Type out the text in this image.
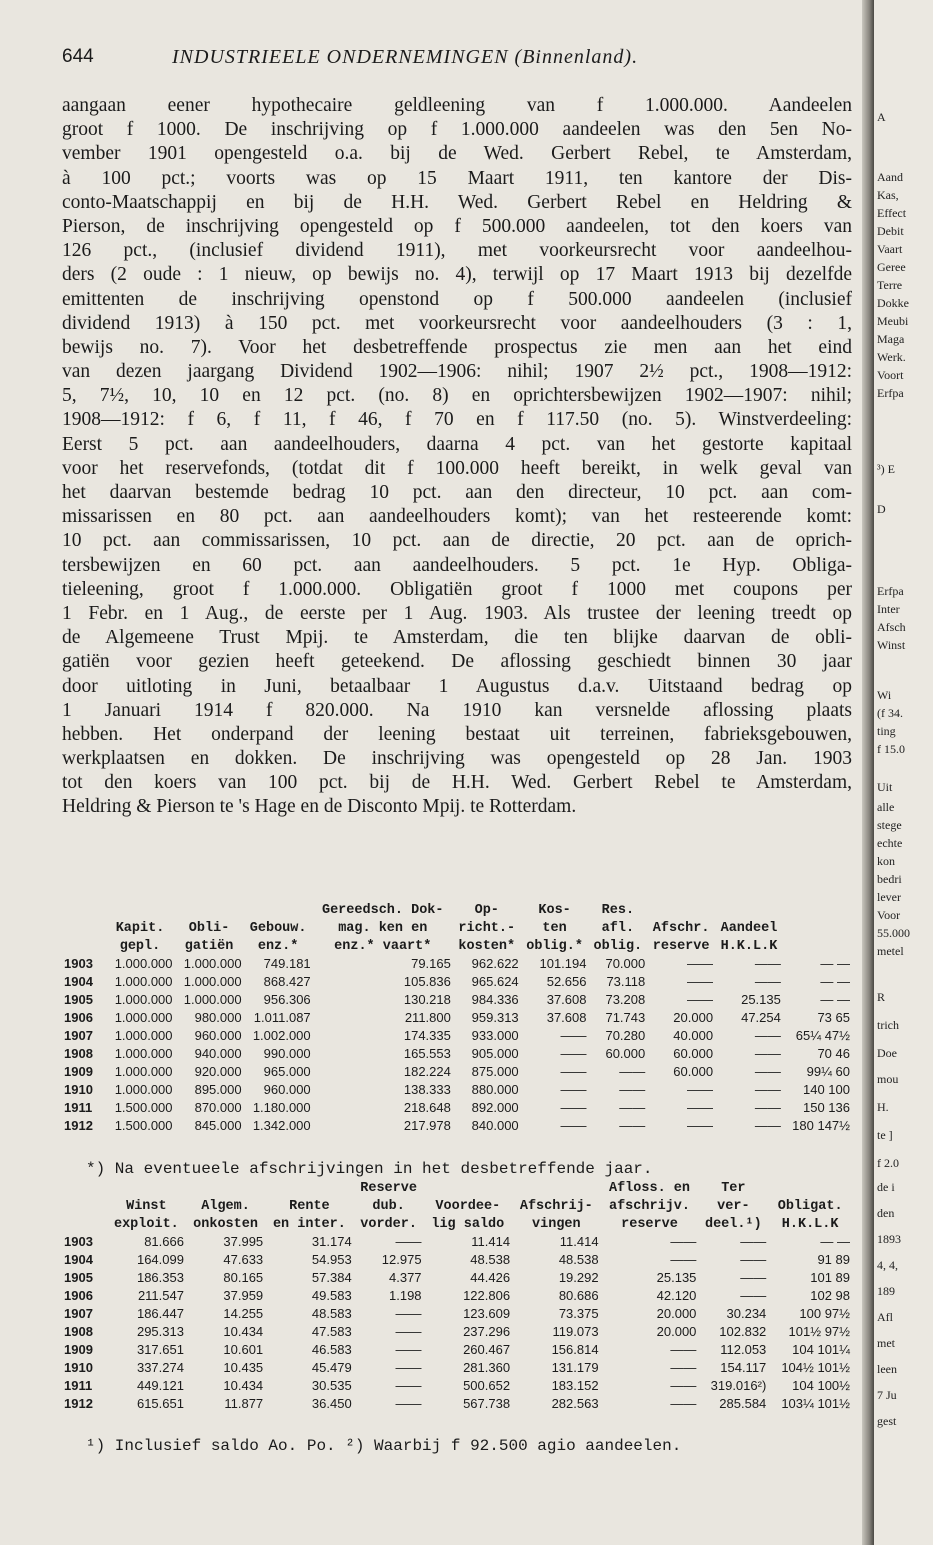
644	INDUSTRIEELE ONDERNEMINGEN (Binnenland).
aangaan eener hypothecaire geldleening van f 1.000.000. Aandeelen
groot f 1000. De inschrijving op f 1.000.000 aandeelen was den 5en No-
vember 1901 opengesteld o.a. bij de Wed. Gerbert Rebel, te Amsterdam,
à 100 pct.; voorts was op 15 Maart 1911, ten kantore der Dis-
conto-Maatschappij en bij de H.H. Wed. Gerbert Rebel en Heldring &
Pierson, de inschrijving opengesteld op f 500.000 aandeelen, tot den koers van
126 pct., (inclusief dividend 1911), met voorkeursrecht voor aandeelhou-
ders (2 oude : 1 nieuw, op bewijs no. 4), terwijl op 17 Maart 1913 bij dezelfde
emittenten de inschrijving openstond op f 500.000 aandeelen (inclusief
dividend 1913) à 150 pct. met voorkeursrecht voor aandeelhouders (3 : 1,
bewijs no. 7). Voor het desbetreffende prospectus zie men aan het eind
van dezen jaargang Dividend 1902—1906: nihil; 1907 2½ pct., 1908—1912:
5, 7½, 10, 10 en 12 pct. (no. 8) en oprichtersbewijzen 1902—1907: nihil;
1908—1912: f 6, f 11, f 46, f 70 en f 117.50 (no. 5). Winstverdeeling:
Eerst 5 pct. aan aandeelhouders, daarna 4 pct. van het gestorte kapitaal
voor het reservefonds, (totdat dit f 100.000 heeft bereikt, in welk geval van
het daarvan bestemde bedrag 10 pct. aan den directeur, 10 pct. aan com-
missarissen en 80 pct. aan aandeelhouders komt); van het resteerende komt:
10 pct. aan commissarissen, 10 pct. aan de directie, 20 pct. aan de oprich-
tersbewijzen en 60 pct. aan aandeelhouders. 5 pct. 1e Hyp. Obliga-
tieleening, groot f 1.000.000. Obligatiën groot f 1000 met coupons per
1 Febr. en 1 Aug., de eerste per 1 Aug. 1903. Als trustee der leening treedt op
de Algemeene Trust Mpij. te Amsterdam, die ten blijke daarvan de obli-
gatiën voor gezien heeft geteekend. De aflossing geschiedt binnen 30 jaar
door uitloting in Juni, betaalbaar 1 Augustus d.a.v. Uitstaand bedrag op
1 Januari 1914 f 820.000. Na 1910 kan versnelde aflossing plaats
hebben. Het onderpand der leening bestaat uit terreinen, fabrieksgebouwen,
werkplaatsen en dokken. De inschrijving was opengesteld op 28 Jan. 1903
tot den koers van 100 pct. bij de H.H. Wed. Gerbert Rebel te Amsterdam,
Heldring & Pierson te 's Hage en de Disconto Mpij. te Rotterdam.
				Gereedsch. Dok-	Op-	Kos-	Res.			
	Kapit.	Obli-	Gebouw.	mag. ken en	richt.-	ten	afl.	Afschr.	Aandeel	
	gepl.	gatiën	enz.*	enz.* vaart*	kosten*	oblig.*	oblig.	reserve	H.K.L.K	
1903	1.000.000	1.000.000	749.181	79.165	962.622	101.194	70.000	——	——	— —
1904	1.000.000	1.000.000	868.427	105.836	965.624	52.656	73.118	——	——	— —
1905	1.000.000	1.000.000	956.306	130.218	984.336	37.608	73.208	——	25.135	— —
1906	1.000.000	980.000	1.011.087	211.800	959.313	37.608	71.743	20.000	47.254	73 65
1907	1.000.000	960.000	1.002.000	174.335	933.000	——	70.280	40.000	——	65¼ 47½
1908	1.000.000	940.000	990.000	165.553	905.000	——	60.000	60.000	——	70 46
1909	1.000.000	920.000	965.000	182.224	875.000	——	——	60.000	——	99¼ 60
1910	1.000.000	895.000	960.000	138.333	880.000	——	——	——	——	140 100
1911	1.500.000	870.000	1.180.000	218.648	892.000	——	——	——	——	150 136
1912	1.500.000	845.000	1.342.000	217.978	840.000	——	——	——	——	180 147½
*) Na eventueele afschrijvingen in het desbetreffende jaar.
				Reserve			Afloss. en	Ter	
	Winst	Algem.	Rente	dub.	Voordee-	Afschrij-	afschrijv.	ver-	Obligat.
	exploit.	onkosten	en inter.	vorder.	lig saldo	vingen	reserve	deel.¹)	H.K.L.K
1903	81.666	37.995	31.174	——	11.414	11.414	——	——	— —
1904	164.099	47.633	54.953	12.975	48.538	48.538	——	——	91 89
1905	186.353	80.165	57.384	4.377	44.426	19.292	25.135	——	101 89
1906	211.547	37.959	49.583	1.198	122.806	80.686	42.120	——	102 98
1907	186.447	14.255	48.583	——	123.609	73.375	20.000	30.234	100 97½
1908	295.313	10.434	47.583	——	237.296	119.073	20.000	102.832	101½ 97½
1909	317.651	10.601	46.583	——	260.467	156.814	——	112.053	104 101¼
1910	337.274	10.435	45.479	——	281.360	131.179	——	154.117	104½ 101½
1911	449.121	10.434	30.535	——	500.652	183.152	——	319.016²)	104 100½
1912	615.651	11.877	36.450	——	567.738	282.563	——	285.584	103¼ 101½
¹) Inclusief saldo Ao. Po. ²) Waarbij f 92.500 agio aandeelen.
A
Aand
Kas,
Effect
Debit
Vaart
Geree
Terre
Dokke
Meubi
Maga
Werk.
Voort
Erfpa
³) E
D
Erfpa
Inter
Afsch
Winst
Wi
(f 34.
ting
f 15.0
Uit
alle
stege
echte
kon
bedri
lever
Voor
55.000
metel
R
trich
Doe
mou
H.
te ]
f 2.0
de i
den
1893
4, 4,
189
Afl
met
leen
7 Ju
gest
